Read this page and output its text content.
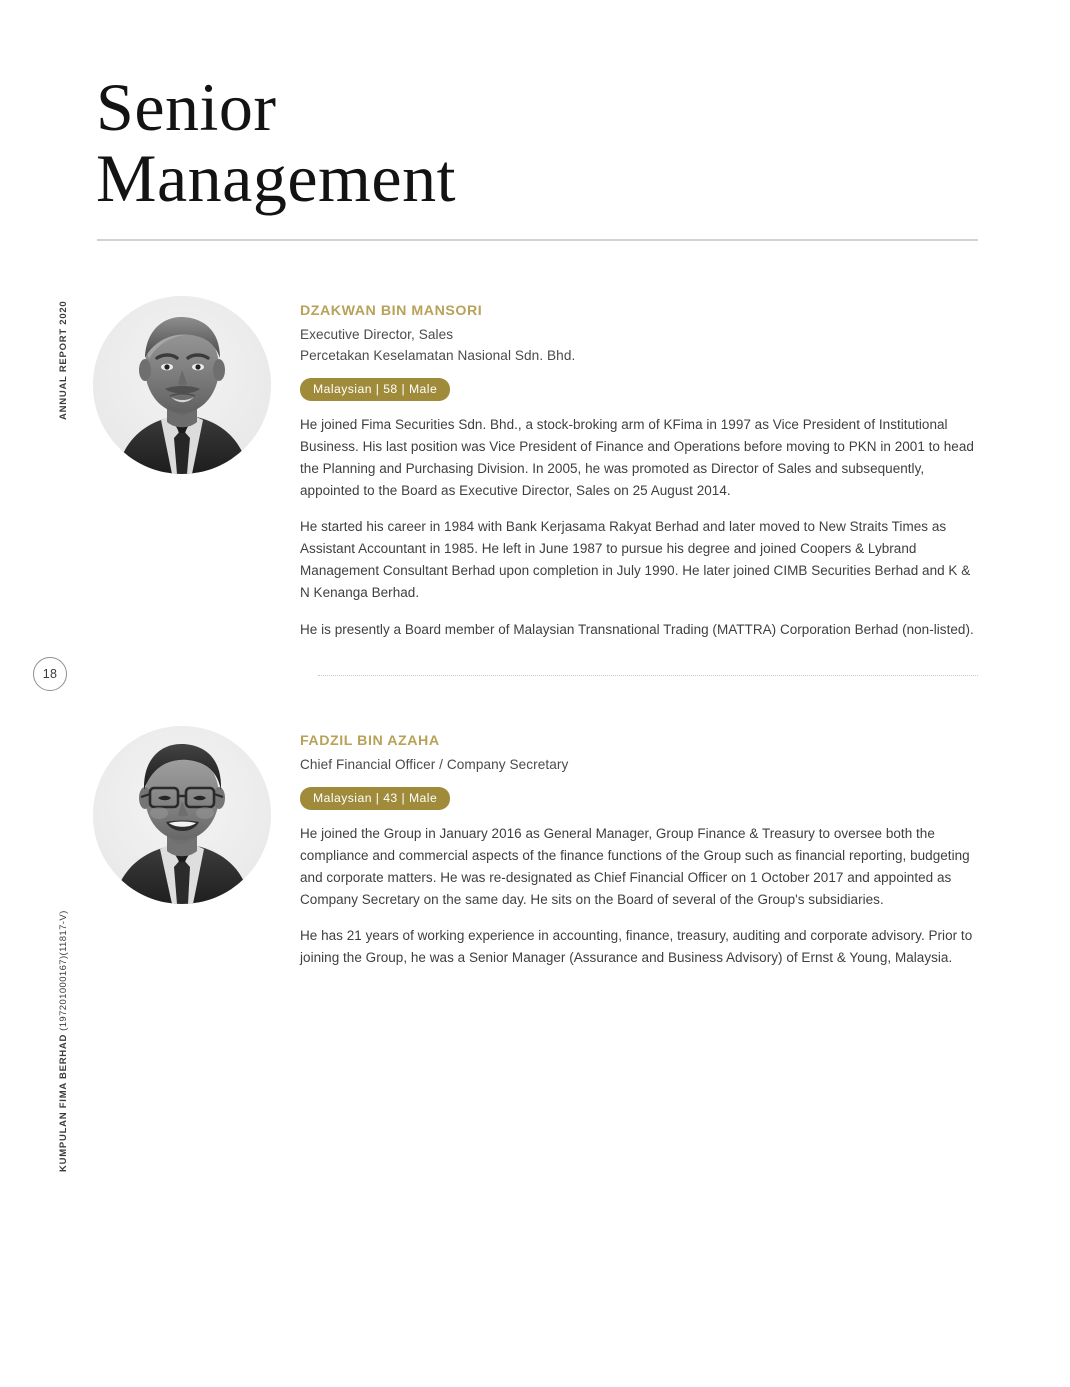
ANNUAL REPORT 2020
KUMPULAN FIMA BERHAD (197201000167)(11817-V)
18
Senior
Management
DZAKWAN BIN MANSORI
Executive Director, Sales
Percetakan Keselamatan Nasional Sdn. Bhd.
Malaysian | 58 | Male

He joined Fima Securities Sdn. Bhd., a stock-broking arm of KFima in 1997 as Vice President of Institutional Business. His last position was Vice President of Finance and Operations before moving to PKN in 2001 to head the Planning and Purchasing Division. In 2005, he was promoted as Director of Sales and subsequently, appointed to the Board as Executive Director, Sales on 25 August 2014.

He started his career in 1984 with Bank Kerjasama Rakyat Berhad and later moved to New Straits Times as Assistant Accountant in 1985. He left in June 1987 to pursue his degree and joined Coopers & Lybrand Management Consultant Berhad upon completion in July 1990. He later joined CIMB Securities Berhad and K & N Kenanga Berhad.

He is presently a Board member of Malaysian Transnational Trading (MATTRA) Corporation Berhad (non-listed).

FADZIL BIN AZAHA
Chief Financial Officer / Company Secretary
Malaysian | 43 | Male

He joined the Group in January 2016 as General Manager, Group Finance & Treasury to oversee both the compliance and commercial aspects of the finance functions of the Group such as financial reporting, budgeting and corporate matters. He was re-designated as Chief Financial Officer on 1 October 2017 and appointed as Company Secretary on the same day. He sits on the Board of several of the Group's subsidiaries.

He has 21 years of working experience in accounting, finance, treasury, auditing and corporate advisory. Prior to joining the Group, he was a Senior Manager (Assurance and Business Advisory) of Ernst & Young, Malaysia.
